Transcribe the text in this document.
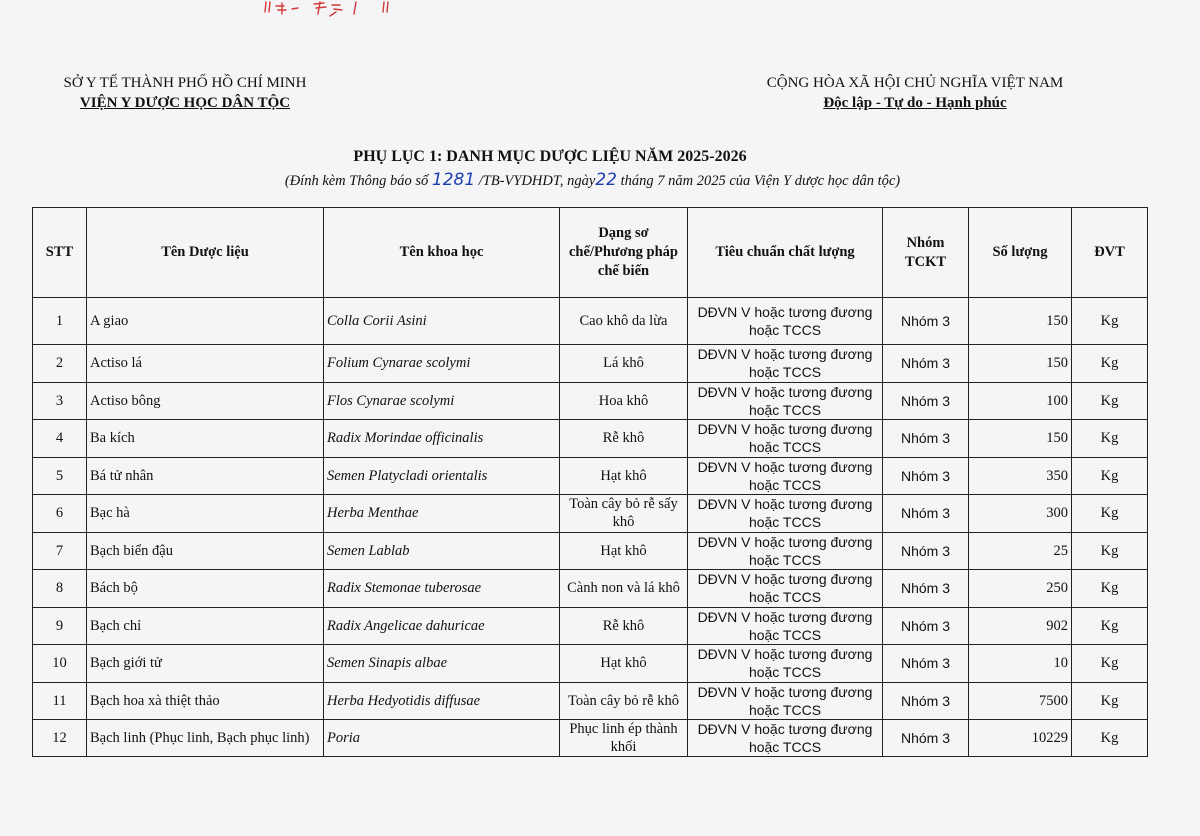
SỞ Y TẾ THÀNH PHỐ HỒ CHÍ MINH
VIỆN Y DƯỢC HỌC DÂN TỘC
CỘNG HÒA XÃ HỘI CHỦ NGHĨA VIỆT NAM
Độc lập - Tự do - Hạnh phúc
PHỤ LỤC 1: DANH MỤC DƯỢC LIỆU NĂM 2025-2026
(Đính kèm Thông báo số 1281 /TB-VYDHDT, ngày22 tháng 7 năm 2025 của Viện Y dược học dân tộc)
STT	Tên Dược liệu	Tên khoa học	Dạng sơ chế/Phương pháp chế biến	Tiêu chuẩn chất lượng	Nhóm TCKT	Số lượng	ĐVT
1	A giao	Colla Corii Asini	Cao khô da lừa	DĐVN V hoặc tương đương hoặc TCCS	Nhóm 3	150	Kg
2	Actiso lá	Folium Cynarae scolymi	Lá khô	DĐVN V hoặc tương đương hoặc TCCS	Nhóm 3	150	Kg
3	Actiso bông	Flos Cynarae scolymi	Hoa khô	DĐVN V hoặc tương đương hoặc TCCS	Nhóm 3	100	Kg
4	Ba kích	Radix Morindae officinalis	Rễ khô	DĐVN V hoặc tương đương hoặc TCCS	Nhóm 3	150	Kg
5	Bá tử nhân	Semen Platycladi orientalis	Hạt khô	DĐVN V hoặc tương đương hoặc TCCS	Nhóm 3	350	Kg
6	Bạc hà	Herba Menthae	Toàn cây bỏ rễ sấy khô	DĐVN V hoặc tương đương hoặc TCCS	Nhóm 3	300	Kg
7	Bạch biển đậu	Semen Lablab	Hạt khô	DĐVN V hoặc tương đương hoặc TCCS	Nhóm 3	25	Kg
8	Bách bộ	Radix Stemonae tuberosae	Cành non và lá khô	DĐVN V hoặc tương đương hoặc TCCS	Nhóm 3	250	Kg
9	Bạch chỉ	Radix Angelicae dahuricae	Rễ khô	DĐVN V hoặc tương đương hoặc TCCS	Nhóm 3	902	Kg
10	Bạch giới tử	Semen Sinapis albae	Hạt khô	DĐVN V hoặc tương đương hoặc TCCS	Nhóm 3	10	Kg
11	Bạch hoa xà thiệt thảo	Herba Hedyotidis diffusae	Toàn cây bỏ rễ khô	DĐVN V hoặc tương đương hoặc TCCS	Nhóm 3	7500	Kg
12	Bạch linh (Phục linh, Bạch phục linh)	Poria	Phục linh ép thành khối	DĐVN V hoặc tương đương hoặc TCCS	Nhóm 3	10229	Kg
